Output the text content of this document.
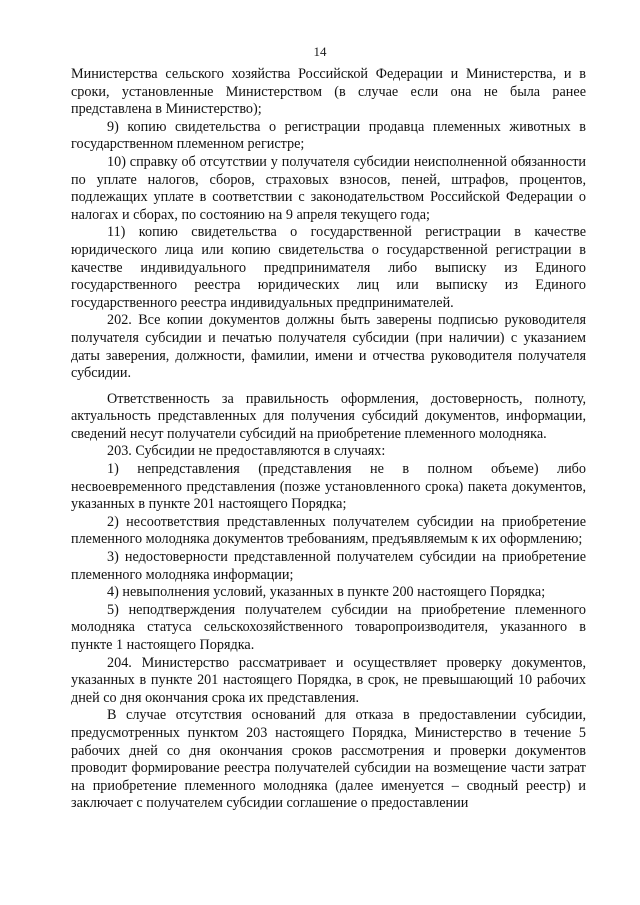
14

Министерства сельского хозяйства Российской Федерации и Министерства, и в сроки, установленные Министерством (в случае если она не была ранее представлена в Министерство);

9) копию свидетельства о регистрации продавца племенных животных в государственном племенном регистре;

10) справку об отсутствии у получателя субсидии неисполненной обязанности по уплате налогов, сборов, страховых взносов, пеней, штрафов, процентов, подлежащих уплате в соответствии с законодательством Российской Федерации о налогах и сборах, по состоянию на 9 апреля текущего года;

11) копию свидетельства о государственной регистрации в качестве юридического лица или копию свидетельства о государственной регистрации в качестве индивидуального предпринимателя либо выписку из Единого государственного реестра юридических лиц или выписку из Единого государственного реестра индивидуальных предпринимателей.

202. Все копии документов должны быть заверены подписью руководителя получателя субсидии и печатью получателя субсидии (при наличии) с указанием даты заверения, должности, фамилии, имени и отчества руководителя получателя субсидии.

Ответственность за правильность оформления, достоверность, полноту, актуальность представленных для получения субсидий документов, информации, сведений несут получатели субсидий на приобретение племенного молодняка.

203. Субсидии не предоставляются в случаях:

1) непредставления (представления не в полном объеме) либо несвоевременного представления (позже установленного срока) пакета документов, указанных в пункте 201 настоящего Порядка;

2) несоответствия представленных получателем субсидии на приобретение племенного молодняка документов требованиям, предъявляемым к их оформлению;

3) недостоверности представленной получателем субсидии на приобретение племенного молодняка информации;

4) невыполнения условий, указанных в пункте 200 настоящего Порядка;

5) неподтверждения получателем субсидии на приобретение племенного молодняка статуса сельскохозяйственного товаропроизводителя, указанного в пункте 1 настоящего Порядка.

204. Министерство рассматривает и осуществляет проверку документов, указанных в пункте 201 настоящего Порядка, в срок, не превышающий 10 рабочих дней со дня окончания срока их представления.

В случае отсутствия оснований для отказа в предоставлении субсидии, предусмотренных пунктом 203 настоящего Порядка, Министерство в течение 5 рабочих дней со дня окончания сроков рассмотрения и проверки документов проводит формирование реестра получателей субсидии на возмещение части затрат на приобретение племенного молодняка (далее именуется – сводный реестр) и заключает с получателем субсидии соглашение о предоставлении
